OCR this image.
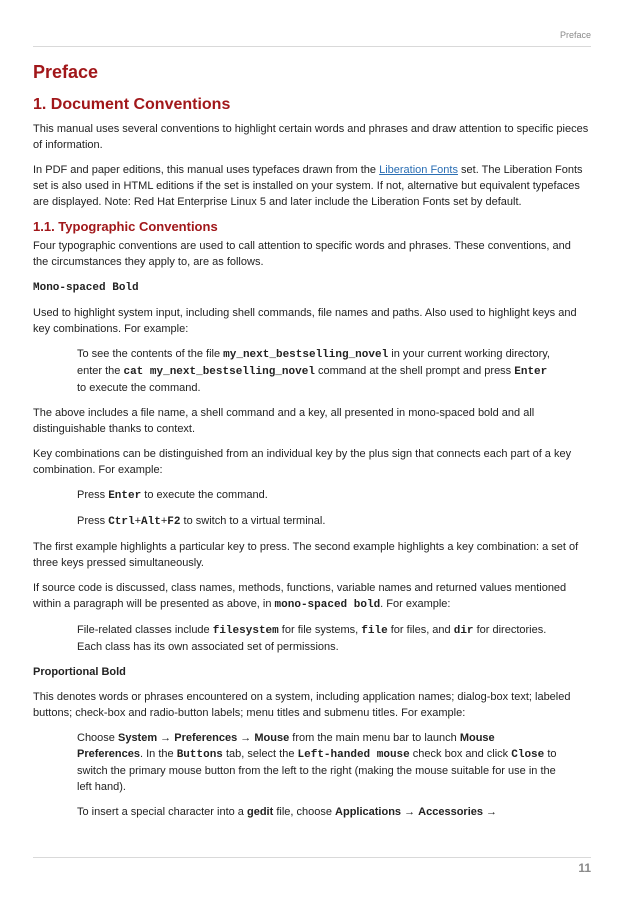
Preface
Preface
1. Document Conventions

This manual uses several conventions to highlight certain words and phrases and draw attention to specific pieces of information.

In PDF and paper editions, this manual uses typefaces drawn from the Liberation Fonts set. The Liberation Fonts set is also used in HTML editions if the set is installed on your system. If not, alternative but equivalent typefaces are displayed. Note: Red Hat Enterprise Linux 5 and later include the Liberation Fonts set by default.

1.1. Typographic Conventions

Four typographic conventions are used to call attention to specific words and phrases. These conventions, and the circumstances they apply to, are as follows.

Mono-spaced Bold

Used to highlight system input, including shell commands, file names and paths. Also used to highlight keys and key combinations. For example:

To see the contents of the file my_next_bestselling_novel in your current working directory, enter the cat my_next_bestselling_novel command at the shell prompt and press Enter to execute the command.

The above includes a file name, a shell command and a key, all presented in mono-spaced bold and all distinguishable thanks to context.

Key combinations can be distinguished from an individual key by the plus sign that connects each part of a key combination. For example:

Press Enter to execute the command.

Press Ctrl+Alt+F2 to switch to a virtual terminal.

The first example highlights a particular key to press. The second example highlights a key combination: a set of three keys pressed simultaneously.

If source code is discussed, class names, methods, functions, variable names and returned values mentioned within a paragraph will be presented as above, in mono-spaced bold. For example:

File-related classes include filesystem for file systems, file for files, and dir for directories. Each class has its own associated set of permissions.

Proportional Bold

This denotes words or phrases encountered on a system, including application names; dialog-box text; labeled buttons; check-box and radio-button labels; menu titles and submenu titles. For example:

Choose System → Preferences → Mouse from the main menu bar to launch Mouse Preferences. In the Buttons tab, select the Left-handed mouse check box and click Close to switch the primary mouse button from the left to the right (making the mouse suitable for use in the left hand).

To insert a special character into a gedit file, choose Applications → Accessories →

11
